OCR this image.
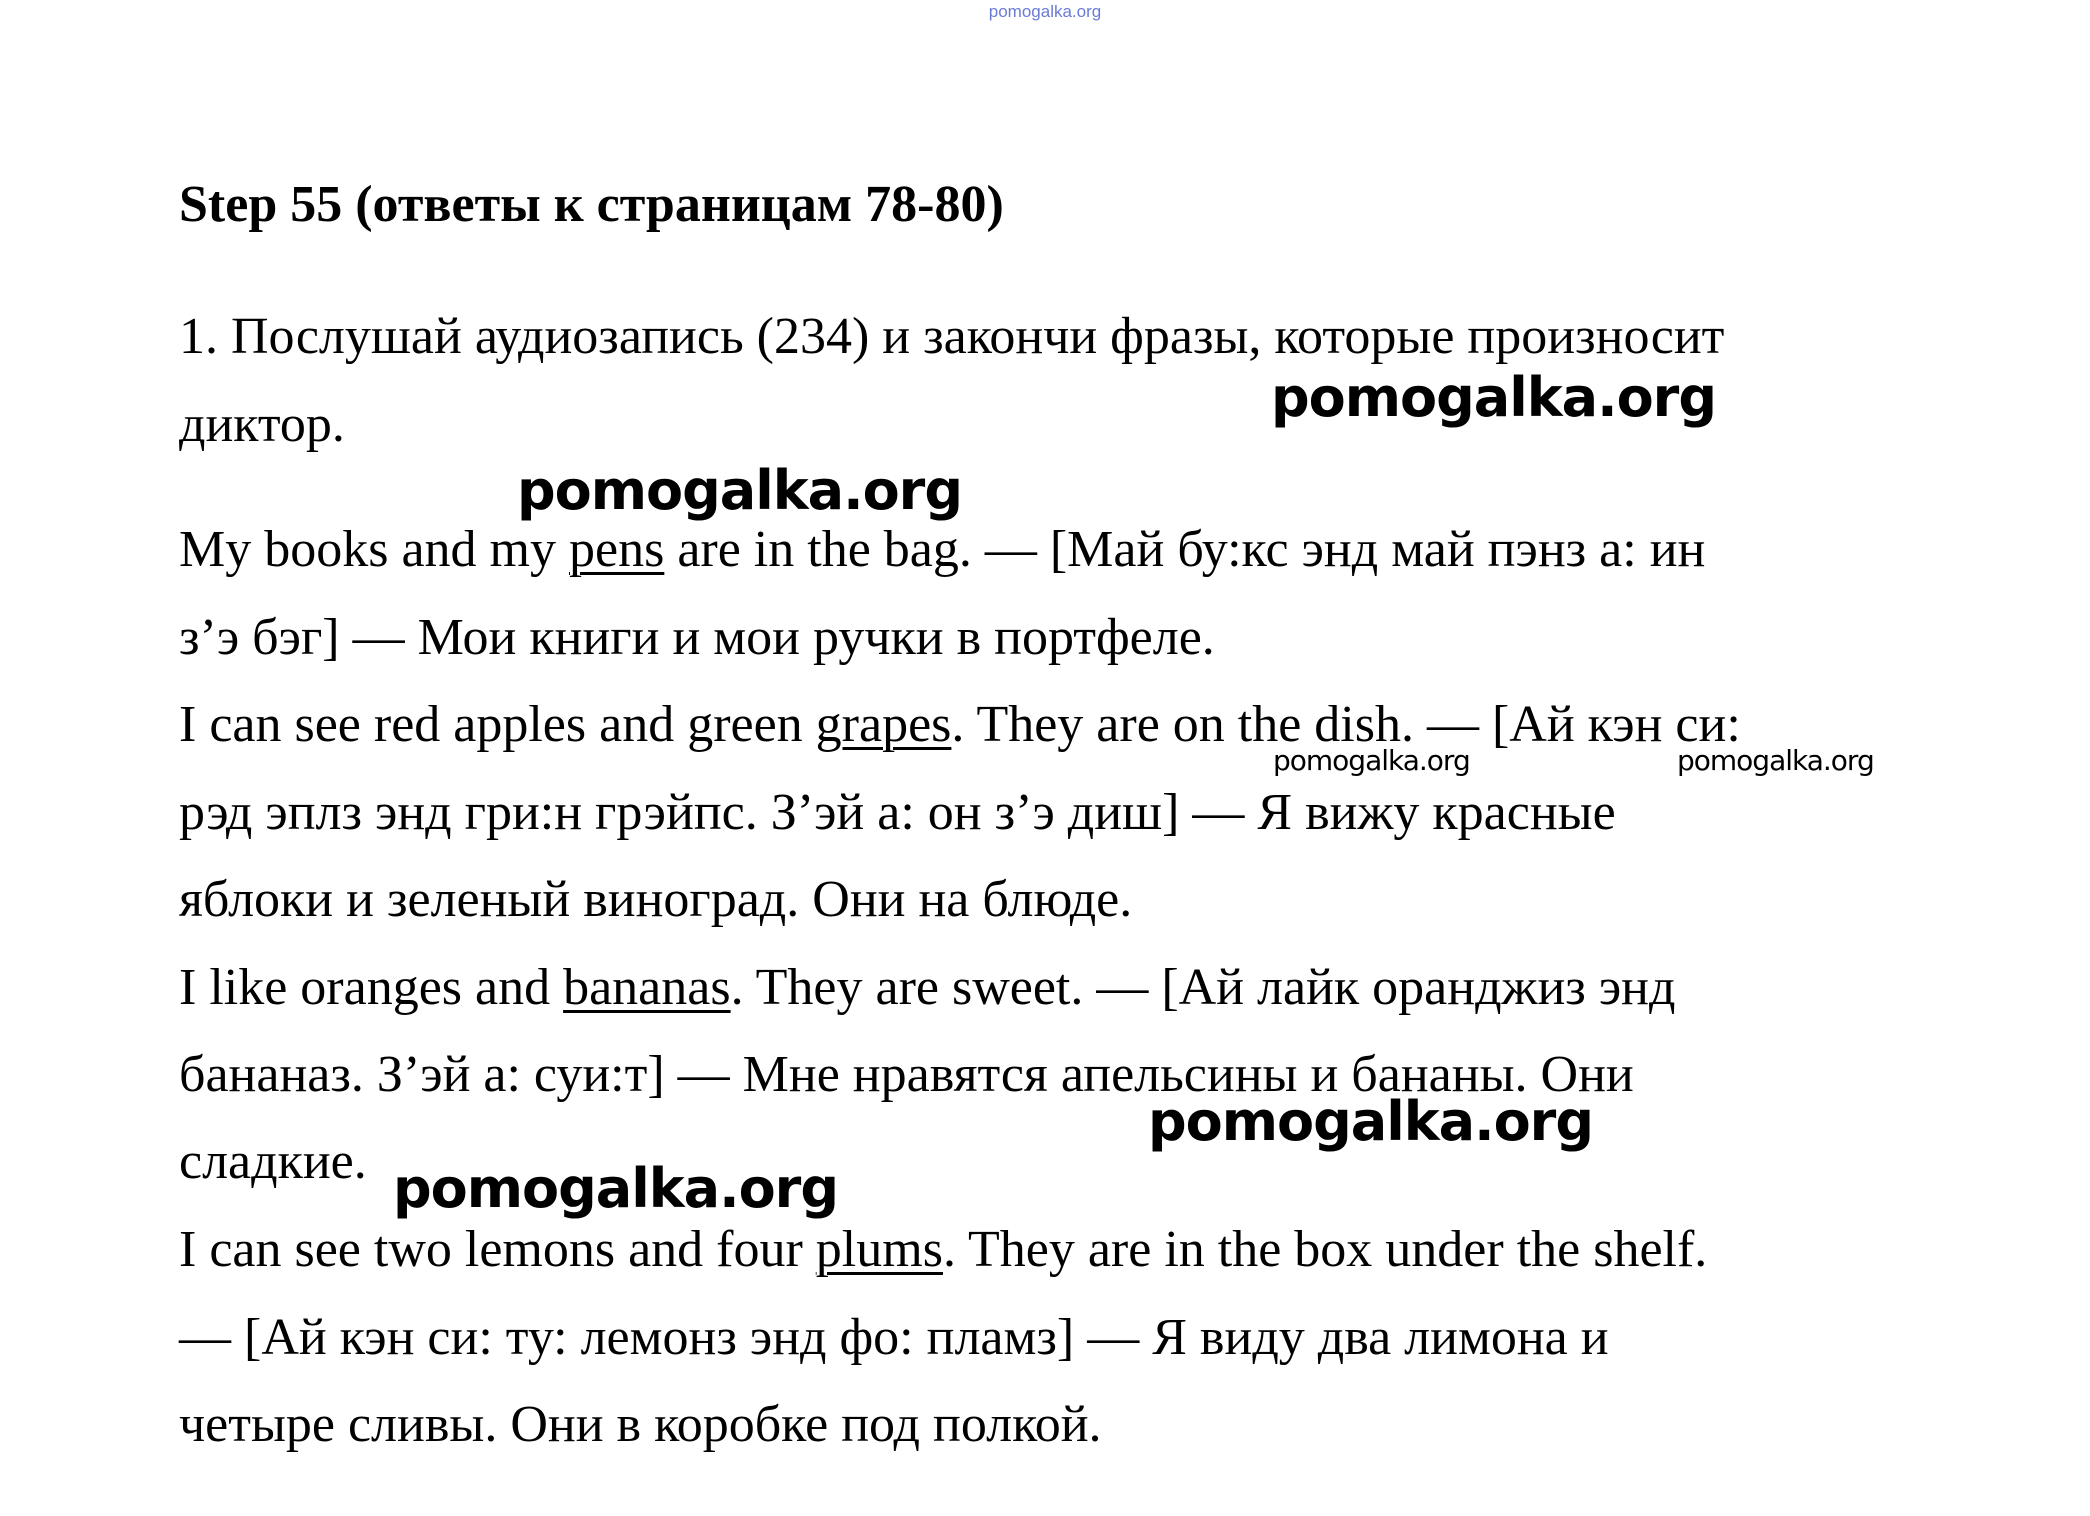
pomogalka.org
Step 55 (ответы к страницам 78-80)
1. Послушай аудиозапись (234) и закончи фразы, которые произносит
диктор.
My books and my pens are in the bag. — [Май бу:кс энд май пэнз а: ин
з’э бэг] — Мои книги и мои ручки в портфеле.
I can see red apples and green grapes. They are on the dish. — [Ай кэн си:
рэд эплз энд гри:н грэйпс. З’эй а: он з’э диш] — Я вижу красные
яблоки и зеленый виноград. Они на блюде.
I like oranges and bananas. They are sweet. — [Ай лайк оранджиз энд
бананаз. З’эй а: суи:т] — Мне нравятся апельсины и бананы. Они
сладкие.
I can see two lemons and four plums. They are in the box under the shelf.
— [Ай кэн си: ту: лемонз энд фо: пламз] — Я виду два лимона и
четыре сливы. Они в коробке под полкой.
pomogalka.org
pomogalka.org
pomogalka.org	pomogalka.org
pomogalka.org
pomogalka.org
